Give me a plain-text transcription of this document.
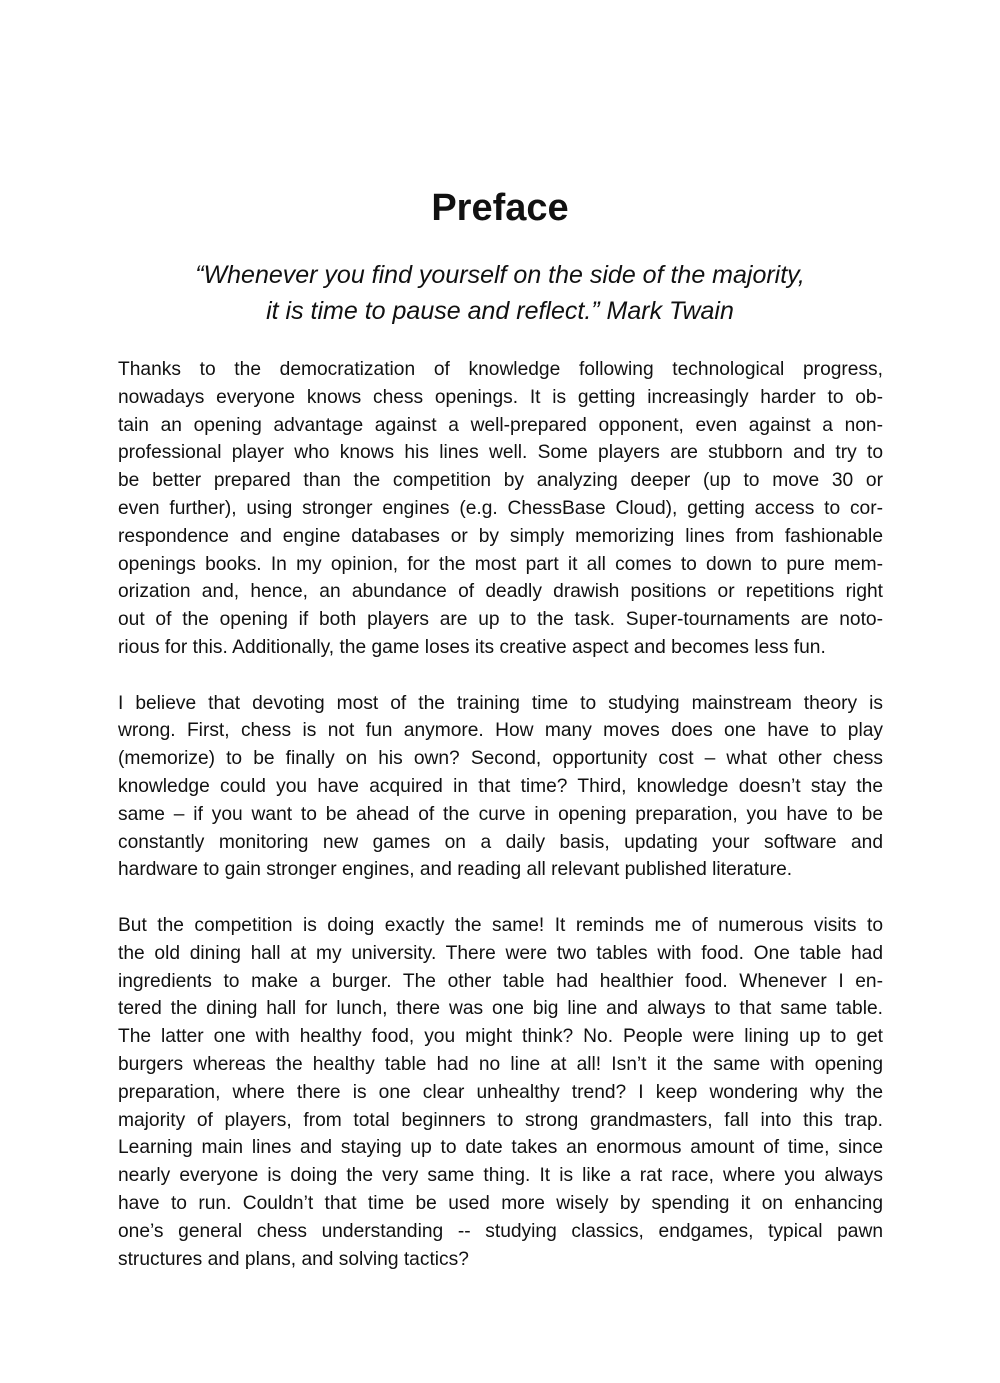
Preface
“Whenever you find yourself on the side of the majority,
it is time to pause and reflect.” Mark Twain
Thanks to the democratization of knowledge following technological progress,
nowadays everyone knows chess openings. It is getting increasingly harder to ob-
tain an opening advantage against a well-prepared opponent, even against a non-
professional player who knows his lines well. Some players are stubborn and try to
be better prepared than the competition by analyzing deeper (up to move 30 or
even further), using stronger engines (e.g. ChessBase Cloud), getting access to cor-
respondence and engine databases or by simply memorizing lines from fashionable
openings books. In my opinion, for the most part it all comes to down to pure mem-
orization and, hence, an abundance of deadly drawish positions or repetitions right
out of the opening if both players are up to the task. Super-tournaments are noto-
rious for this. Additionally, the game loses its creative aspect and becomes less fun.
I believe that devoting most of the training time to studying mainstream theory is
wrong. First, chess is not fun anymore. How many moves does one have to play
(memorize) to be finally on his own? Second, opportunity cost – what other chess
knowledge could you have acquired in that time? Third, knowledge doesn’t stay the
same – if you want to be ahead of the curve in opening preparation, you have to be
constantly monitoring new games on a daily basis, updating your software and
hardware to gain stronger engines, and reading all relevant published literature.
But the competition is doing exactly the same! It reminds me of numerous visits to
the old dining hall at my university. There were two tables with food. One table had
ingredients to make a burger. The other table had healthier food. Whenever I en-
tered the dining hall for lunch, there was one big line and always to that same table.
The latter one with healthy food, you might think? No. People were lining up to get
burgers whereas the healthy table had no line at all! Isn’t it the same with opening
preparation, where there is one clear unhealthy trend? I keep wondering why the
majority of players, from total beginners to strong grandmasters, fall into this trap.
Learning main lines and staying up to date takes an enormous amount of time, since
nearly everyone is doing the very same thing. It is like a rat race, where you always
have to run. Couldn’t that time be used more wisely by spending it on enhancing
one’s general chess understanding -- studying classics, endgames, typical pawn
structures and plans, and solving tactics?
